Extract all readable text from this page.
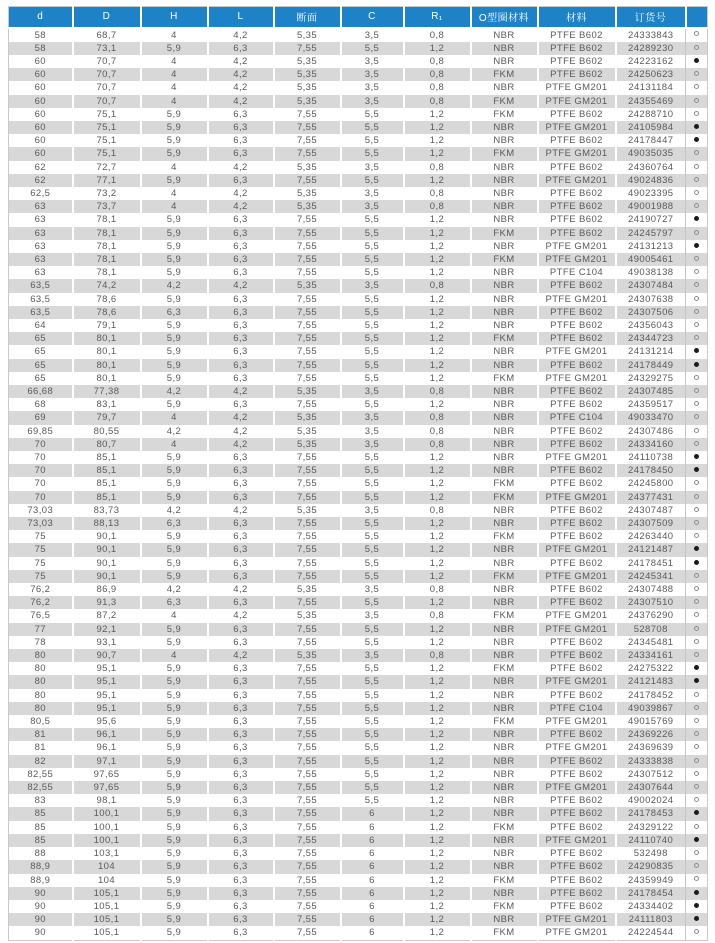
d	D	H	L	断面	C	R₁	O型圈材料	材料	订货号	
58	68,7	4	4,2	5,35	3,5	0,8	NBR	PTFE B602	24333843	
58	73,1	5,9	6,3	7,55	5,5	1,2	NBR	PTFE B602	24289230	
60	70,7	4	4,2	5,35	3,5	0,8	NBR	PTFE B602	24223162	
60	70,7	4	4,2	5,35	3,5	0,8	FKM	PTFE B602	24250623	
60	70,7	4	4,2	5,35	3,5	0,8	NBR	PTFE GM201	24131184	
60	70,7	4	4,2	5,35	3,5	0,8	FKM	PTFE GM201	24355469	
60	75,1	5,9	6,3	7,55	5,5	1,2	FKM	PTFE B602	24288710	
60	75,1	5,9	6,3	7,55	5,5	1,2	NBR	PTFE GM201	24105984	
60	75,1	5,9	6,3	7,55	5,5	1,2	NBR	PTFE B602	24178447	
60	75,1	5,9	6,3	7,55	5,5	1,2	FKM	PTFE GM201	49035035	
62	72,7	4	4,2	5,35	3,5	0,8	NBR	PTFE B602	24360764	
62	77,1	5,9	6,3	7,55	5,5	1,2	NBR	PTFE GM201	49024836	
62,5	73,2	4	4,2	5,35	3,5	0,8	NBR	PTFE B602	49023395	
63	73,7	4	4,2	5,35	3,5	0,8	NBR	PTFE B602	49001988	
63	78,1	5,9	6,3	7,55	5,5	1,2	NBR	PTFE B602	24190727	
63	78,1	5,9	6,3	7,55	5,5	1,2	FKM	PTFE B602	24245797	
63	78,1	5,9	6,3	7,55	5,5	1,2	NBR	PTFE GM201	24131213	
63	78,1	5,9	6,3	7,55	5,5	1,2	FKM	PTFE GM201	49005461	
63	78,1	5,9	6,3	7,55	5,5	1,2	NBR	PTFE C104	49038138	
63,5	74,2	4,2	4,2	5,35	3,5	0,8	NBR	PTFE B602	24307484	
63,5	78,6	5,9	6,3	7,55	5,5	1,2	NBR	PTFE GM201	24307638	
63,5	78,6	6,3	6,3	7,55	5,5	1,2	NBR	PTFE B602	24307506	
64	79,1	5,9	6,3	7,55	5,5	1,2	NBR	PTFE B602	24356043	
65	80,1	5,9	6,3	7,55	5,5	1,2	FKM	PTFE B602	24344723	
65	80,1	5,9	6,3	7,55	5,5	1,2	NBR	PTFE GM201	24131214	
65	80,1	5,9	6,3	7,55	5,5	1,2	NBR	PTFE B602	24178449	
65	80,1	5,9	6,3	7,55	5,5	1,2	FKM	PTFE GM201	24329275	
66,68	77,38	4,2	4,2	5,35	3,5	0,8	NBR	PTFE B602	24307485	
68	83,1	5,9	6,3	7,55	5,5	1,2	NBR	PTFE B602	24359517	
69	79,7	4	4,2	5,35	3,5	0,8	NBR	PTFE C104	49033470	
69,85	80,55	4,2	4,2	5,35	3,5	0,8	NBR	PTFE B602	24307486	
70	80,7	4	4,2	5,35	3,5	0,8	NBR	PTFE B602	24334160	
70	85,1	5,9	6,3	7,55	5,5	1,2	NBR	PTFE GM201	24110738	
70	85,1	5,9	6,3	7,55	5,5	1,2	NBR	PTFE B602	24178450	
70	85,1	5,9	6,3	7,55	5,5	1,2	FKM	PTFE B602	24245800	
70	85,1	5,9	6,3	7,55	5,5	1,2	FKM	PTFE GM201	24377431	
73,03	83,73	4,2	4,2	5,35	3,5	0,8	NBR	PTFE B602	24307487	
73,03	88,13	6,3	6,3	7,55	5,5	1,2	NBR	PTFE B602	24307509	
75	90,1	5,9	6,3	7,55	5,5	1,2	FKM	PTFE B602	24263440	
75	90,1	5,9	6,3	7,55	5,5	1,2	NBR	PTFE GM201	24121487	
75	90,1	5,9	6,3	7,55	5,5	1,2	NBR	PTFE B602	24178451	
75	90,1	5,9	6,3	7,55	5,5	1,2	FKM	PTFE GM201	24245341	
76,2	86,9	4,2	4,2	5,35	3,5	0,8	NBR	PTFE B602	24307488	
76,2	91,3	6,3	6,3	7,55	5,5	1,2	NBR	PTFE B602	24307510	
76,5	87,2	4	4,2	5,35	3,5	0,8	FKM	PTFE GM201	24376290	
77	92,1	5,9	6,3	7,55	5,5	1,2	NBR	PTFE GM201	528708	
78	93,1	5,9	6,3	7,55	5,5	1,2	NBR	PTFE B602	24345481	
80	90,7	4	4,2	5,35	3,5	0,8	NBR	PTFE B602	24334161	
80	95,1	5,9	6,3	7,55	5,5	1,2	FKM	PTFE B602	24275322	
80	95,1	5,9	6,3	7,55	5,5	1,2	NBR	PTFE GM201	24121483	
80	95,1	5,9	6,3	7,55	5,5	1,2	NBR	PTFE B602	24178452	
80	95,1	5,9	6,3	7,55	5,5	1,2	NBR	PTFE C104	49039867	
80,5	95,6	5,9	6,3	7,55	5,5	1,2	FKM	PTFE GM201	49015769	
81	96,1	5,9	6,3	7,55	5,5	1,2	NBR	PTFE B602	24369226	
81	96,1	5,9	6,3	7,55	5,5	1,2	NBR	PTFE GM201	24369639	
82	97,1	5,9	6,3	7,55	5,5	1,2	NBR	PTFE B602	24333838	
82,55	97,65	5,9	6,3	7,55	5,5	1,2	NBR	PTFE B602	24307512	
82,55	97,65	5,9	6,3	7,55	5,5	1,2	NBR	PTFE GM201	24307644	
83	98,1	5,9	6,3	7,55	5,5	1,2	NBR	PTFE B602	49002024	
85	100,1	5,9	6,3	7,55	6	1,2	NBR	PTFE B602	24178453	
85	100,1	5,9	6,3	7,55	6	1,2	FKM	PTFE B602	24329122	
85	100,1	5,9	6,3	7,55	6	1,2	NBR	PTFE GM201	24110740	
88	103,1	5,9	6,3	7,55	6	1,2	NBR	PTFE B602	532498	
88,9	104	5,9	6,3	7,55	6	1,2	NBR	PTFE B602	24290835	
88,9	104	5,9	6,3	7,55	6	1,2	FKM	PTFE B602	24359949	
90	105,1	5,9	6,3	7,55	6	1,2	NBR	PTFE B602	24178454	
90	105,1	5,9	6,3	7,55	6	1,2	FKM	PTFE B602	24334402	
90	105,1	5,9	6,3	7,55	6	1,2	NBR	PTFE GM201	24111803	
90	105,1	5,9	6,3	7,55	6	1,2	FKM	PTFE GM201	24224544	
